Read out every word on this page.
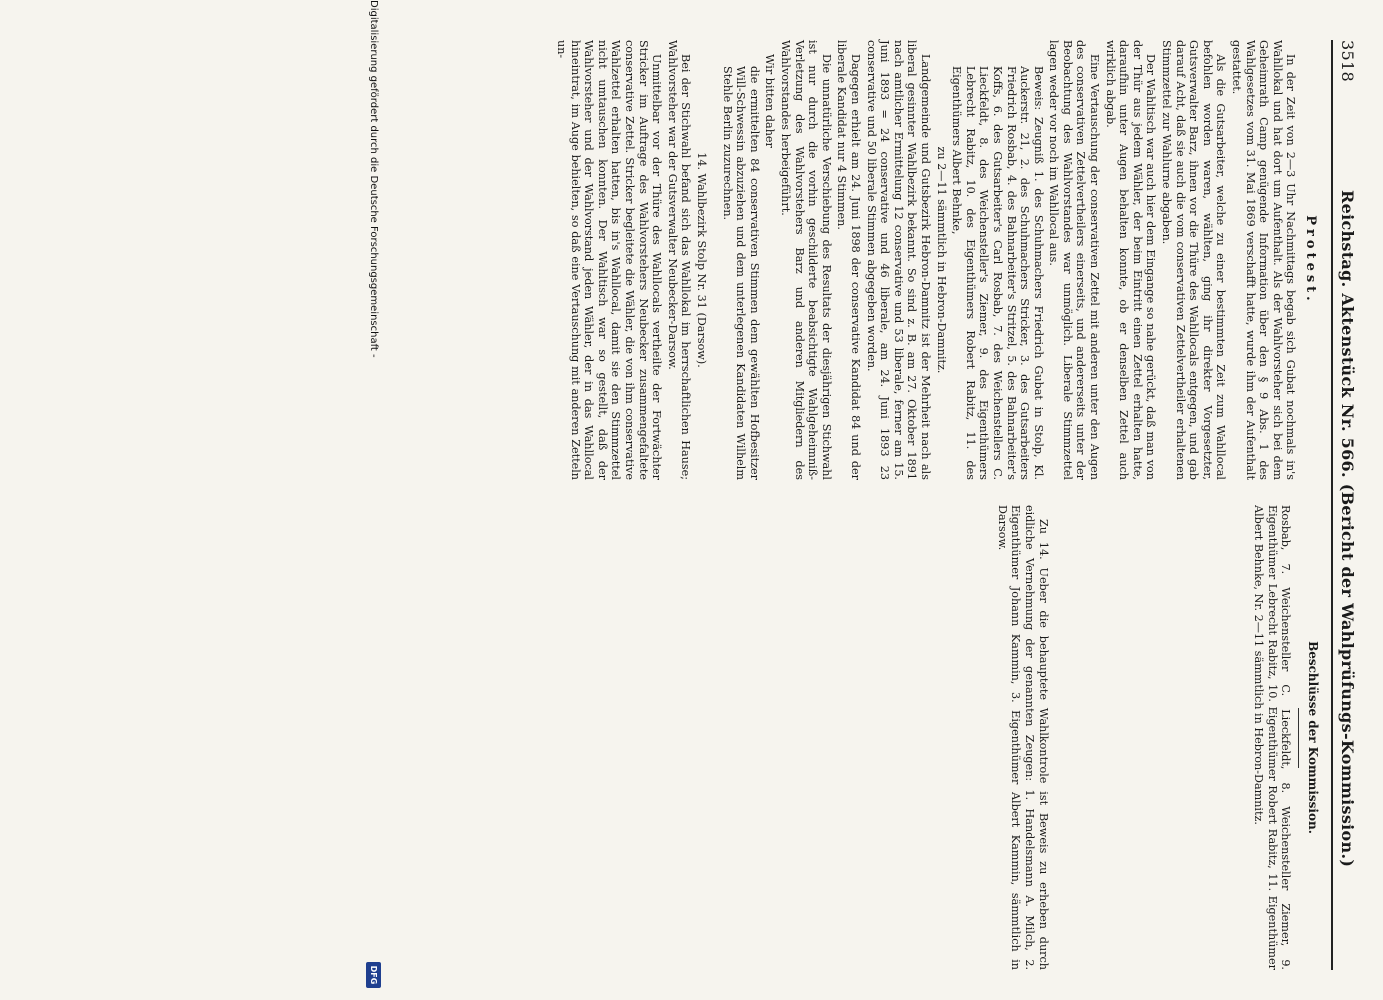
3518
Reichstag. Aktenstück Nr. 566. (Bericht der Wahlprüfungs-Kommission.)
Protest.

In der Zeit von 2—3 Uhr Nachmittags begab sich Gubat nochmals in's Wahllokal und hat dort um Aufenthalt. Als der Wahlvorsteher sich bei dem Geheimrath Camp genügende Information über den § 9 Abs. 1 des Wahlgesetzes vom 31. Mai 1869 verschafft hatte, wurde ihm der Aufenthalt gestattet.

Als die Gutsarbeiter, welche zu einer bestimmten Zeit zum Wahllocal befohlen worden waren, wählten, ging ihr direkter Vorgesetzter, Gutsverwalter Barz, ihnen vor die Thüre des Wahllocals entgegen, und gab darauf Acht, daß sie auch die vom conservativen Zettelvertheiler erhaltenen Stimmzettel zur Wahlurne abgaben.

Der Wahltisch war auch hier dem Eingange so nahe gerückt, daß man von der Thür aus jedem Wähler, der beim Eintritt einen Zettel erhalten hatte, daraufhin unter Augen behalten konnte, ob er denselben Zettel auch wirklich abgab.

Eine Vertauschung der conservativen Zettel mit anderen unter den Augen des conservativen Zettelvertheilers einerseits, und andererseits unter der Beobachtung des Wahlvorstandes war unmöglich. Liberale Stimmzettel lagen weder vor noch im Wahllocal aus.

Beweis: Zeugniß 1. des Schuhmachers Friedrich Gubat in Stolp, Kl. Auckerstr. 21, 2. des Schuhmachers Stricker, 3. des Gutsarbeiters Friedrich Rosbab, 4. des Bahnarbeiter's Stritzel, 5. des Bahnarbeiter's Koffs, 6. des Gutsarbeiter's Carl Rosbab, 7. des Weichenstellers C. Lieckfeldt, 8. des Weichensteller's Ziemer, 9. des Eigenthümers Lebrecht Rabitz, 10. des Eigenthümers Robert Rabitz, 11. des Eigenthümers Albert Behnke,

zu 2—11 sämmtlich in Hebron-Damnitz.

Landgemeinde und Gutsbezirk Hebron-Damnitz ist der Mehrheit nach als liberal gesinnter Wahlbezirk bekannt. So sind z. B. am 27. Oktober 1891 nach amtlicher Ermittelung 12 conservative und 53 liberale, ferner am 15. Juni 1893 = 24 conservative und 46 liberale, am 24. Juni 1893 23 conservative und 50 liberale Stimmen abgegeben worden.

Dagegen erhielt am 24. Juni 1898 der conservative Kandidat 84 und der liberale Kandidat nur 4 Stimmen.

Die unnatürliche Verschiebung des Resultats der diesjährigen Stichwahl ist nur durch die vorhin geschilderte beabsichtigte Wahlgeheimniß-Verletzung des Wahlvorstehers Barz und anderen Mitgliedern des Wahlvorstandes herbeigeführt.

Wir bitten daher

die ermittelten 84 conservativen Stimmen dem gewählten Hofbesitzer Will-Schwessin abzuziehen und dem unterlegenen Kandidaten Wilhelm Stehle Berlin zuzurechnen.

14. Wahlbezirk Stolp Nr. 31 (Darsow).

Bei der Stichwahl befand sich das Wahllokal im herrschaftlichen Hause; Wahlvorsteher war der Gutsverwalter Neubecker-Darsow.

Unmittelbar vor der Thüre des Wahllocals vertheilte der Fortwächter Stricker im Auftrage des Wahlvorstehers Neubecker zusammengefaltete conservative Zettel. Stricker begleitete die Wähler, die von ihm conservative Wahlzettel erhalten hatten, bis in's Wahllocal, damit sie den Stimmzettel nicht umtauschen konnten. Der Wahltisch war so gestellt, daß der Wahlvorsteher und der Wahlvorstand jeden Wähler, der in das Wahllocal hineintrat, im Auge behielten, so daß eine Vertauschung mit anderen Zetteln un-

Beschlüsse der Kommission.

Rosbab, 7. Weichensteller C. Lieckfeldt, 8. Weichensteller Ziemer, 9. Eigenthümer Lebrecht Rabitz, 10. Eigenthümer Robert Rabitz, 11. Eigenthümer Albert Behnke, Nr. 2—11 sämmtlich in Hebron-Damnitz.

Zu 14. Ueber die behauptete Wahlkontrole ist Beweis zu erheben durch eidliche Vernehmung der genannten Zeugen: 1. Handelsmann A. Milch, 2. Eigenthümer Johann Kammin, 3. Eigenthümer Albert Kammin, sämmtlich in Darsow.

Digitalisierung gefördert durch die Deutsche Forschungsgemeinschaft -
DFG
